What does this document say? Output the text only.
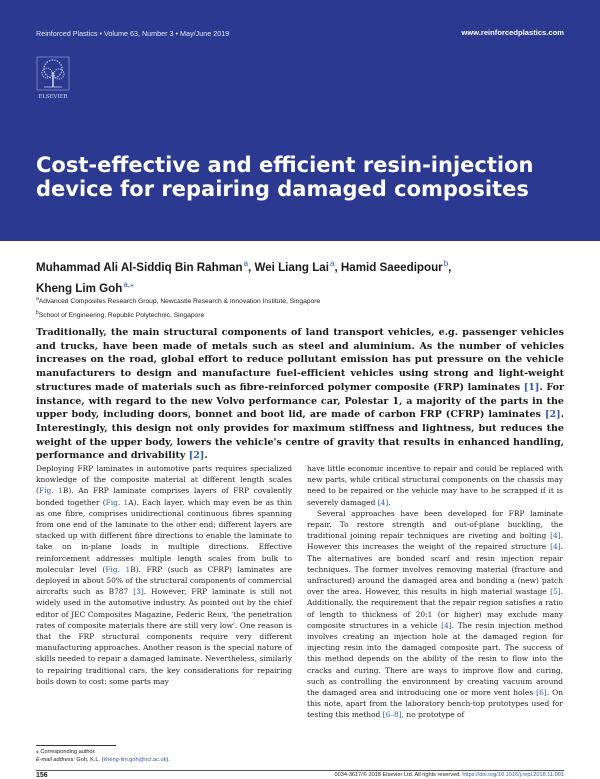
Reinforced Plastics • Volume 63, Number 3 • May/June 2019	www.reinforcedplastics.com
ELSEVIER
Cost-effective and efficient resin-injection device for repairing damaged composites
Muhammad Ali Al-Siddiq Bin Rahman$^a$, Wei Liang Lai$^a$, Hamid Saeedipour$^b$,
Kheng Lim Goh$^{a,⁎}$
$^a$Advanced Composites Research Group, Newcastle Research & Innovation Institute, Singapore
$^b$School of Engineering, Republic Polytechnic, Singapore

Traditionally, the main structural components of land transport vehicles, e.g. passenger vehicles and trucks, have been made of metals such as steel and aluminium. As the number of vehicles increases on the road, global effort to reduce pollutant emission has put pressure on the vehicle manufacturers to design and manufacture fuel-efficient vehicles using strong and light-weight structures made of materials such as fibre-reinforced polymer composite (FRP) laminates [1]. For instance, with regard to the new Volvo performance car, Polestar 1, a majority of the parts in the upper body, including doors, bonnet and boot lid, are made of carbon FRP (CFRP) laminates [2]. Interestingly, this design not only provides for maximum stiffness and lightness, but reduces the weight of the upper body, lowers the vehicle's centre of gravity that results in enhanced handling, performance and drivability [2].

Deploying FRP laminates in automotive parts requires specialized knowledge of the composite material at different length scales (Fig. 1B). An FRP laminate comprises layers of FRP covalently bonded together (Fig. 1A). Each layer, which may even be as thin as one fibre, comprises unidirectional continuous fibres spanning from one end of the laminate to the other end; different layers are stacked up with different fibre directions to enable the laminate to take on in-plane loads in multiple directions. Effective reinforcement addresses multiple length scales from bulk to molecular level (Fig. 1B). FRP (such as CFRP) laminates are deployed in about 50% of the structural components of commercial aircrafts such as B787 [3]. However, FRP laminate is still not widely used in the automotive industry. As pointed out by the chief editor of JEC Composites Magazine, Federic Reux, 'the penetration rates of composite materials there are still very low'. One reason is that the FRP structural components require very different manufacturing approaches. Another reason is the special nature of skills needed to repair a damaged laminate. Nevertheless, similarly to repairing traditional cars, the key considerations for repairing boils down to cost: some parts may

have little economic incentive to repair and could be replaced with new parts, while critical structural components on the chassis may need to be repaired or the vehicle may have to be scrapped if it is severely damaged [4].

Several approaches have been developed for FRP laminate repair. To restore strength and out-of-plane buckling, the traditional joining repair techniques are riveting and bolting [4]. However this increases the weight of the repaired structure [4]. The alternatives are bonded scarf and resin injection repair techniques. The former involves removing material (fracture and unfractured) around the damaged area and bonding a (new) patch over the area. However, this results in high material wastage [5]. Additionally, the requirement that the repair region satisfies a ratio of length to thickness of 20:1 (or higher) may exclude many composite structures in a vehicle [4]. The resin injection method involves creating an injection hole at the damaged region for injecting resin into the damaged composite part. The success of this method depends on the ability of the resin to flow into the cracks and curing. There are ways to improve flow and curing, such as controlling the environment by creating vacuum around the damaged area and introducing one or more vent holes [6]. On this note, apart from the laboratory bench-top prototypes used for testing this method [6–8], no prototype of

⁎ Corresponding author.
E-mail address: Goh, K.L. (kheng-lim.goh@ncl.ac.uk).
156	0034-3617/© 2018 Elsevier Ltd. All rights reserved. https://doi.org/10.1016/j.repl.2018.11.001
